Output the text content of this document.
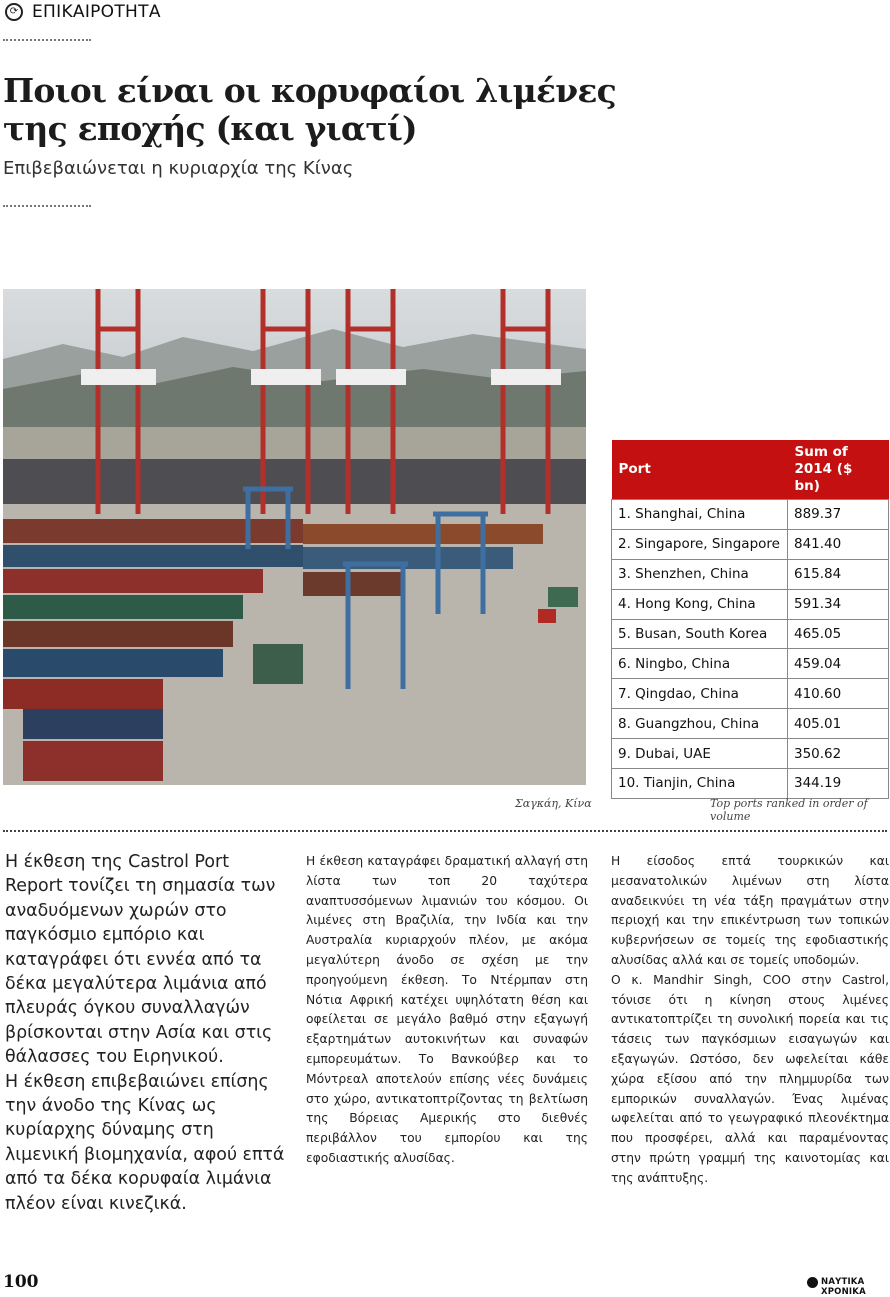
⟳ ΕΠΙΚΑΙΡΟΤΗΤΑ
Ποιοι είναι οι κορυφαίοι λιμένες
της εποχής (και γιατί)
Επιβεβαιώνεται η κυριαρχία της Κίνας
Σαγκάη, Κίνα
Port	Sum of 2014 ($ bn)
1. Shanghai, China	889.37
2. Singapore, Singapore	841.40
3. Shenzhen, China	615.84
4. Hong Kong, China	591.34
5. Busan, South Korea	465.05
6. Ningbo, China	459.04
7. Qingdao, China	410.60
8. Guangzhou, China	405.01
9. Dubai, UAE	350.62
10. Tianjin, China	344.19
Top ports ranked in order of volume

Η έκθεση της Castrol Port Report τονίζει τη σημασία των αναδυόμενων χωρών στο παγκόσμιο εμπόριο και καταγράφει ότι εννέα από τα δέκα μεγαλύτερα λιμάνια από πλευράς όγκου συναλλαγών βρίσκονται στην Ασία και στις θάλασσες του Ειρηνικού.

Η έκθεση επιβεβαιώνει επίσης την άνοδο της Κίνας ως κυρίαρχης δύναμης στη λιμενική βιομηχανία, αφού επτά από τα δέκα κορυφαία λιμάνια πλέον είναι κινεζικά.

Η έκθεση καταγράφει δραματική αλλαγή στη λίστα των τοπ 20 ταχύτερα αναπτυσσόμενων λιμανιών του κόσμου. Οι λιμένες στη Βραζιλία, την Ινδία και την Αυστραλία κυριαρχούν πλέον, με ακόμα μεγαλύτερη άνοδο σε σχέση με την προηγούμενη έκθεση. Το Ντέρμπαν στη Νότια Αφρική κατέχει υψηλότατη θέση και οφείλεται σε μεγάλο βαθμό στην εξαγωγή εξαρτημάτων αυτοκινήτων και συναφών εμπορευμάτων. Το Βανκούβερ και το Μόντρεαλ αποτελούν επίσης νέες δυνάμεις στο χώρο, αντικατοπτρίζοντας τη βελτίωση της Βόρειας Αμερικής στο διεθνές περιβάλλον του εμπορίου και της εφοδιαστικής αλυσίδας.

Η είσοδος επτά τουρκικών και μεσανατολικών λιμένων στη λίστα αναδεικνύει τη νέα τάξη πραγμάτων στην περιοχή και την επικέντρωση των τοπικών κυβερνήσεων σε τομείς της εφοδιαστικής αλυσίδας αλλά και σε τομείς υποδομών.

Ο κ. Mandhir Singh, COO στην Castrol, τόνισε ότι η κίνηση στους λιμένες αντικατοπτρίζει τη συνολική πορεία και τις τάσεις των παγκόσμιων εισαγωγών και εξαγωγών. Ωστόσο, δεν ωφελείται κάθε χώρα εξίσου από την πλημμυρίδα των εμπορικών συναλλαγών. Ένας λιμένας ωφελείται από το γεωγραφικό πλεονέκτημα που προσφέρει, αλλά και παραμένοντας στην πρώτη γραμμή της καινοτομίας και της ανάπτυξης.

100	ΝΑΥΤΙΚΑ ΧΡΟΝΙΚΑ
